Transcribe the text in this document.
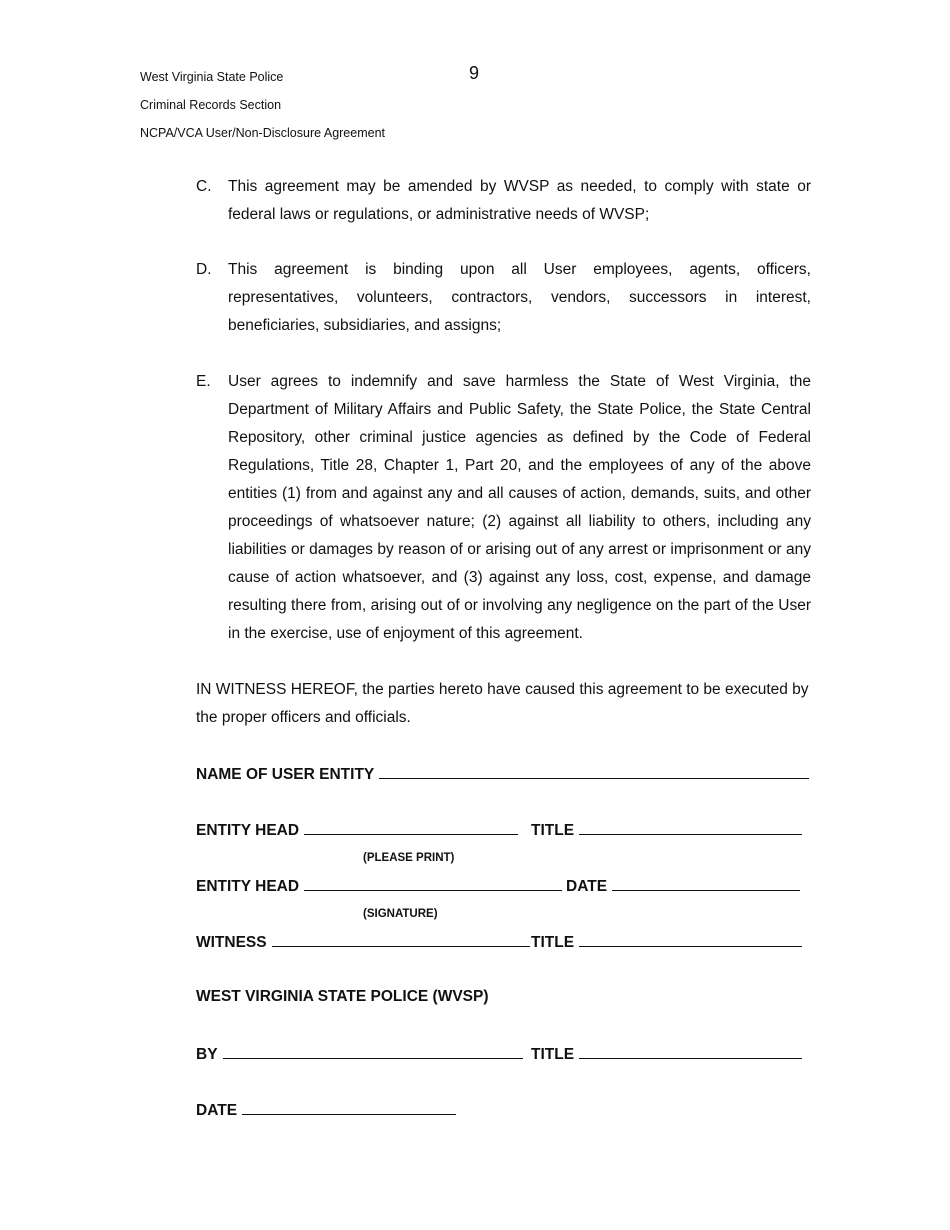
West Virginia State Police
Criminal Records Section
NCPA/VCA User/Non-Disclosure Agreement
9
C. This agreement may be amended by WVSP as needed, to comply with state or federal laws or regulations, or administrative needs of WVSP;
D. This agreement is binding upon all User employees, agents, officers, representatives, volunteers, contractors, vendors, successors in interest, beneficiaries, subsidiaries, and assigns;
E. User agrees to indemnify and save harmless the State of West Virginia, the Department of Military Affairs and Public Safety, the State Police, the State Central Repository, other criminal justice agencies as defined by the Code of Federal Regulations, Title 28, Chapter 1, Part 20, and the employees of any of the above entities (1) from and against any and all causes of action, demands, suits, and other proceedings of whatsoever nature; (2) against all liability to others, including any liabilities or damages by reason of or arising out of any arrest or imprisonment or any cause of action whatsoever, and (3) against any loss, cost, expense, and damage resulting there from, arising out of or involving any negligence on the part of the User in the exercise, use of enjoyment of this agreement.
IN WITNESS HEREOF, the parties hereto have caused this agreement to be executed by the proper officers and officials.
NAME OF USER ENTITY
ENTITY HEAD	TITLE
(PLEASE PRINT)
ENTITY HEAD	DATE
(SIGNATURE)
WITNESS	TITLE
WEST VIRGINIA STATE POLICE (WVSP)
BY	TITLE
DATE
